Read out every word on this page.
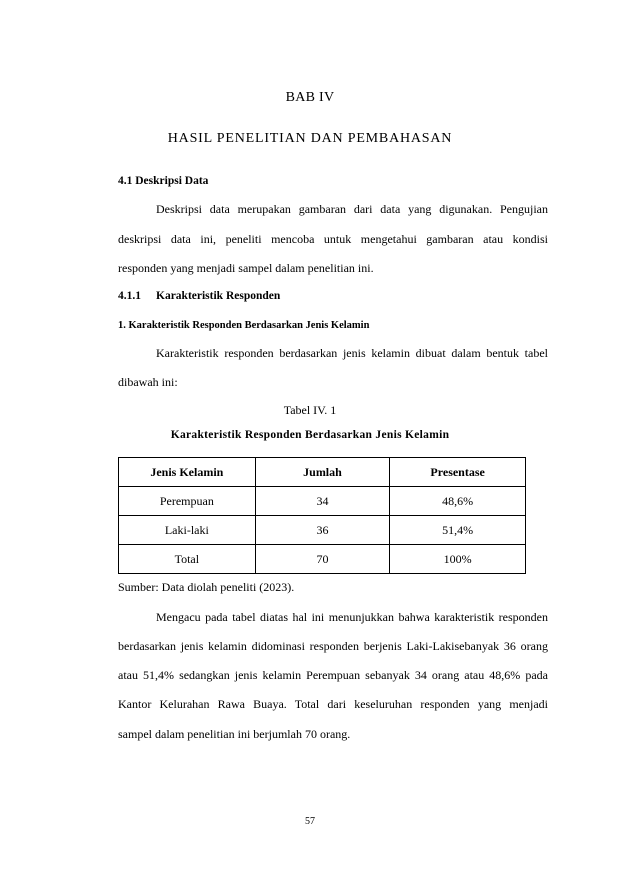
BAB IV
HASIL PENELITIAN DAN PEMBAHASAN
4.1 Deskripsi Data
Deskripsi data merupakan gambaran dari data yang digunakan. Pengujian
deskripsi data ini, peneliti mencoba untuk mengetahui gambaran atau kondisi
responden yang menjadi sampel dalam penelitian ini.
4.1.1 Karakteristik Responden
1. Karakteristik Responden Berdasarkan Jenis Kelamin
Karakteristik responden berdasarkan jenis kelamin dibuat dalam bentuk tabel
dibawah ini:
Tabel IV. 1
Karakteristik Responden Berdasarkan Jenis Kelamin
Jenis Kelamin	Jumlah	Presentase
Perempuan	34	48,6%
Laki-laki	36	51,4%
Total	70	100%
Sumber: Data diolah peneliti (2023).
Mengacu pada tabel diatas hal ini menunjukkan bahwa karakteristik responden
berdasarkan jenis kelamin didominasi responden berjenis Laki-Lakisebanyak 36 orang
atau 51,4% sedangkan jenis kelamin Perempuan sebanyak 34 orang atau 48,6% pada
Kantor Kelurahan Rawa Buaya. Total dari keseluruhan responden yang menjadi
sampel dalam penelitian ini berjumlah 70 orang.
57
